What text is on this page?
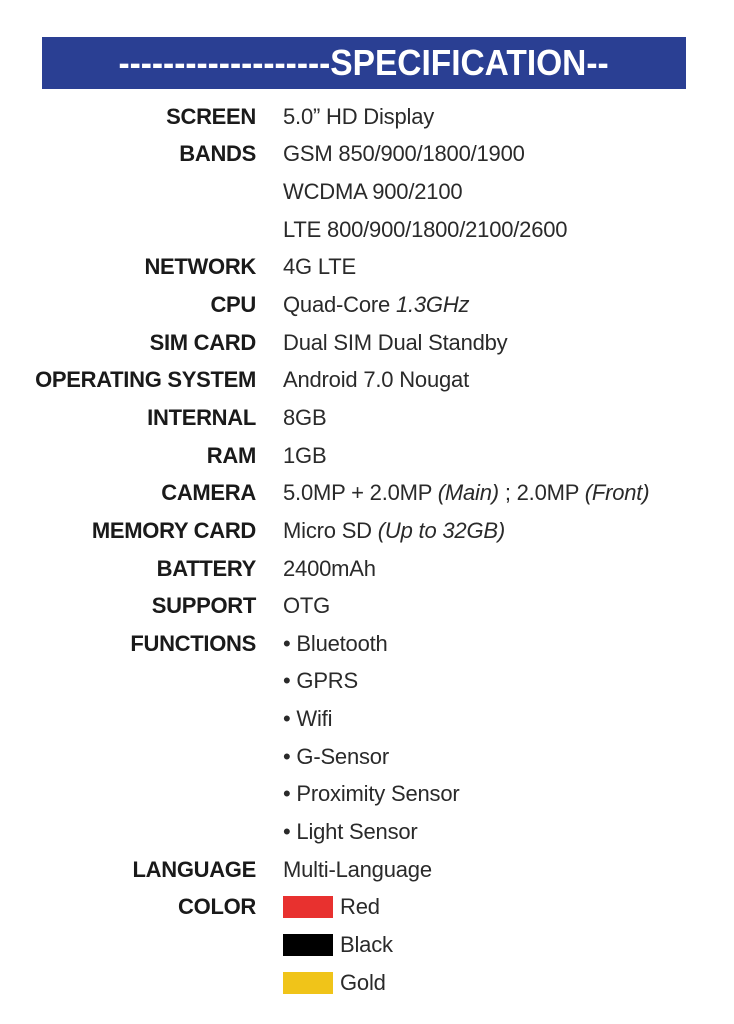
-------------------SPECIFICATION--
SCREEN 5.0” HD Display
BANDS GSM 850/900/1800/1900
WCDMA 900/2100
LTE 800/900/1800/2100/2600
NETWORK 4G LTE
CPU Quad-Core 1.3GHz
SIM CARD Dual SIM Dual Standby
OPERATING SYSTEM Android 7.0 Nougat
INTERNAL 8GB
RAM 1GB
CAMERA 5.0MP + 2.0MP (Main) ; 2.0MP (Front)
MEMORY CARD Micro SD (Up to 32GB)
BATTERY 2400mAh
SUPPORT OTG
FUNCTIONS • Bluetooth
• GPRS
• Wifi
• G-Sensor
• Proximity Sensor
• Light Sensor
LANGUAGE Multi-Language
COLOR	Red
Black
Gold
